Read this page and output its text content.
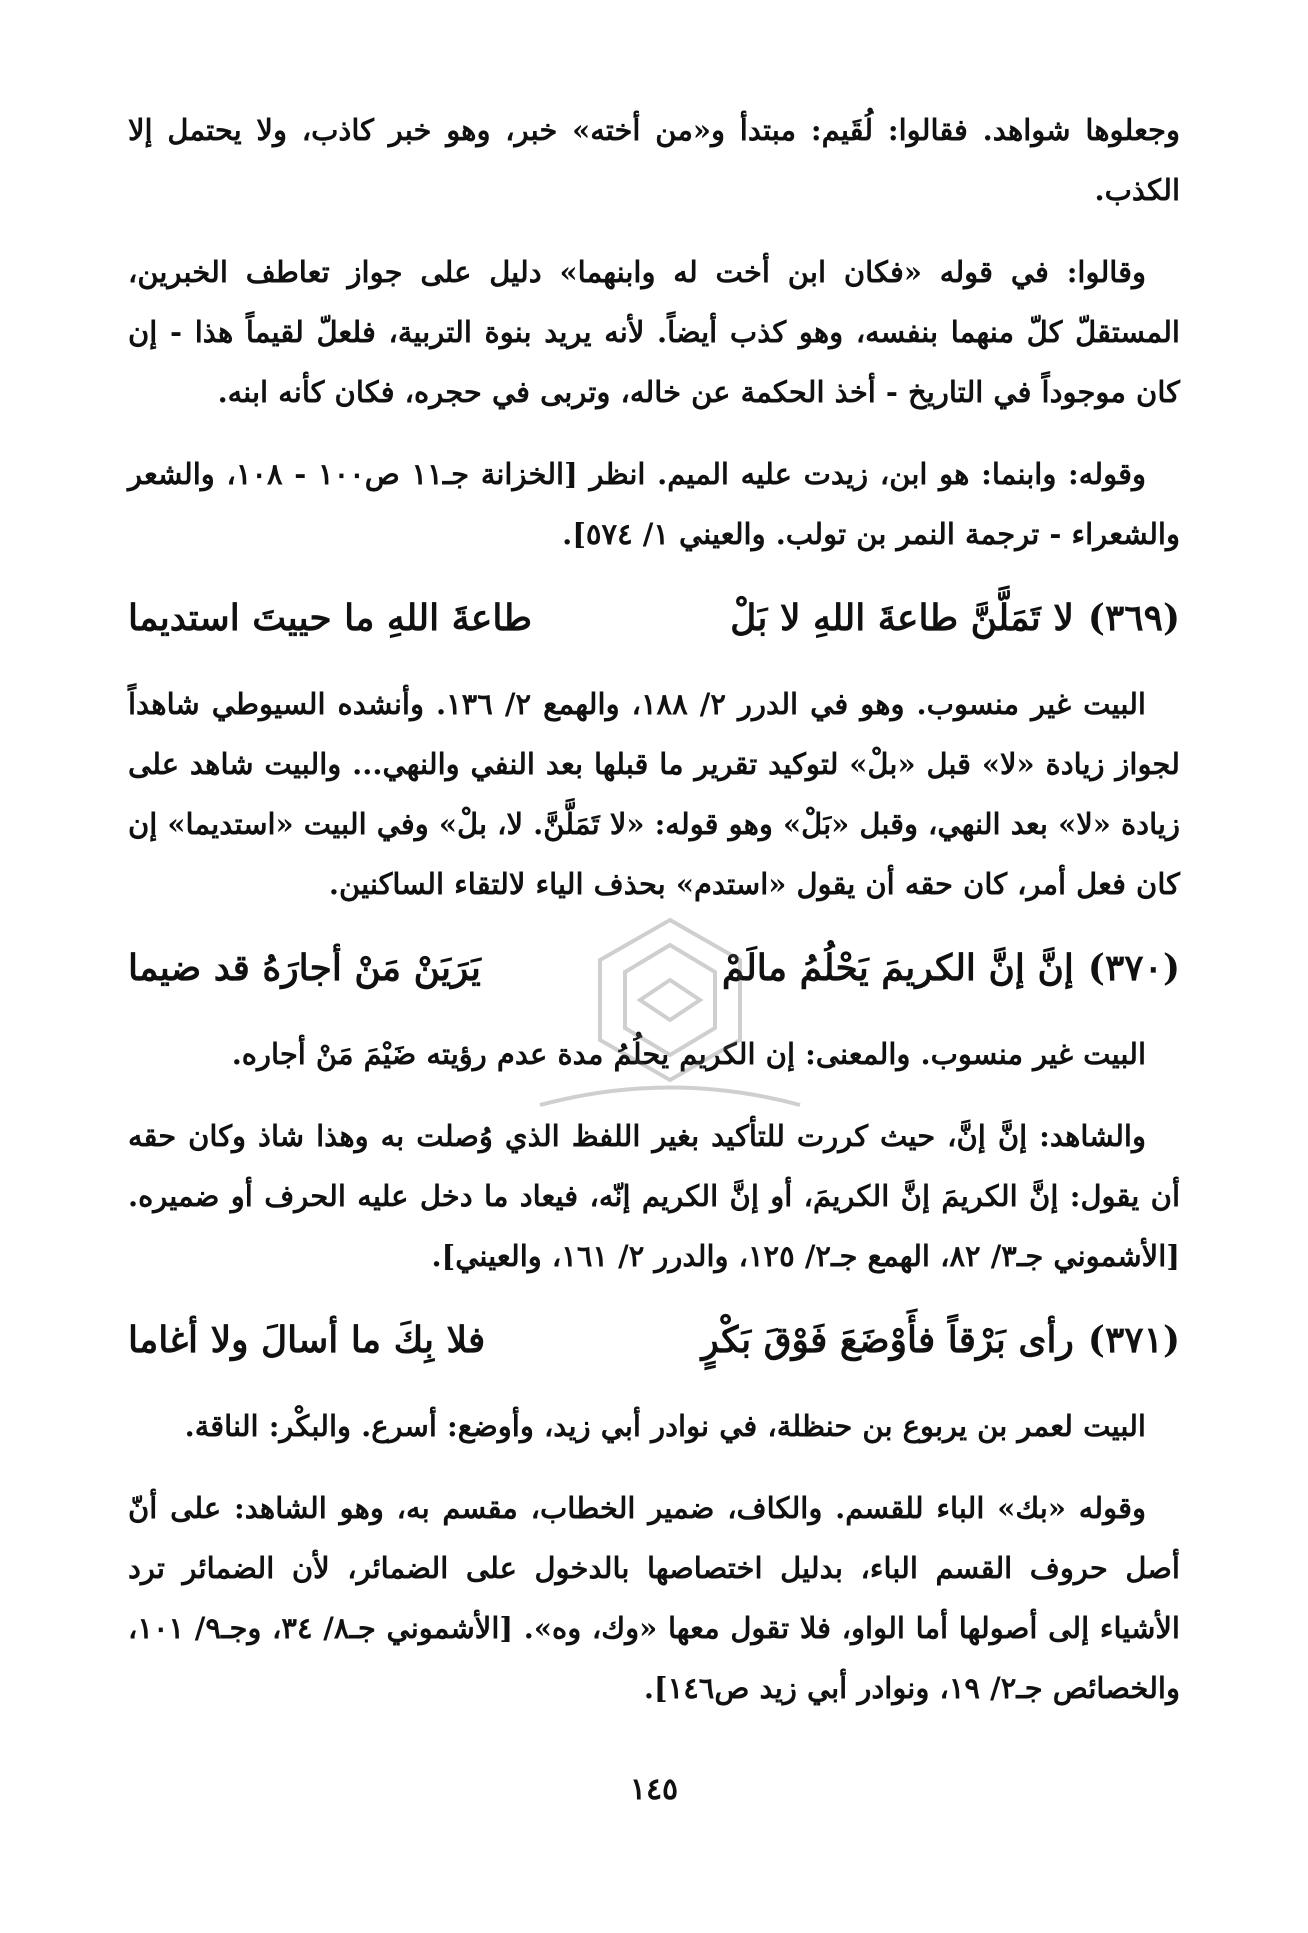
وجعلوها شواهد. فقالوا: لُقَيم: مبتدأ و«من أخته» خبر، وهو خبر كاذب، ولا يحتمل إلا الكذب.

وقالوا: في قوله «فكان ابن أخت له وابنهما» دليل على جواز تعاطف الخبرين، المستقلّ كلّ منهما بنفسه، وهو كذب أيضاً. لأنه يريد بنوة التربية، فلعلّ لقيماً هذا - إن كان موجوداً في التاريخ - أخذ الحكمة عن خاله، وتربى في حجره، فكان كأنه ابنه.

وقوله: وابنما: هو ابن، زيدت عليه الميم. انظر [الخزانة جـ١١ ص١٠٠ - ١٠٨، والشعر والشعراء - ترجمة النمر بن تولب. والعيني ١/ ٥٧٤].

(٣٦٩)
لا تَمَلَّنَّ طاعةَ اللهِ لا بَلْ
طاعةَ اللهِ ما حييتَ استديما

البيت غير منسوب. وهو في الدرر ٢/ ١٨٨، والهمع ٢/ ١٣٦. وأنشده السيوطي شاهداً لجواز زيادة «لا» قبل «بلْ» لتوكيد تقرير ما قبلها بعد النفي والنهي... والبيت شاهد على زيادة «لا» بعد النهي، وقبل «بَلْ» وهو قوله: «لا تَمَلَّنَّ. لا، بلْ» وفي البيت «استديما» إن كان فعل أمر، كان حقه أن يقول «استدم» بحذف الياء لالتقاء الساكنين.

(٣٧٠)
إنَّ إنَّ الكريمَ يَحْلُمُ مالَمْ
يَرَيَنْ مَنْ أجارَهُ قد ضيما

البيت غير منسوب. والمعنى: إن الكريم يحلُمُ مدة عدم رؤيته ضَيْمَ مَنْ أجاره.

والشاهد: إنَّ إنَّ، حيث كررت للتأكيد بغير اللفظ الذي وُصلت به وهذا شاذ وكان حقه أن يقول: إنَّ الكريمَ إنَّ الكريمَ، أو إنَّ الكريم إنّه، فيعاد ما دخل عليه الحرف أو ضميره. [الأشموني جـ٣/ ٨٢، الهمع جـ٢/ ١٢٥، والدرر ٢/ ١٦١، والعيني].

(٣٧١)
رأى بَرْقاً فأَوْضَعَ فَوْقَ بَكْرٍ
فلا بِكَ ما أسالَ ولا أغاما

البيت لعمر بن يربوع بن حنظلة، في نوادر أبي زيد، وأوضع: أسرع. والبكْر: الناقة.

وقوله «بك» الباء للقسم. والكاف، ضمير الخطاب، مقسم به، وهو الشاهد: على أنّ أصل حروف القسم الباء، بدليل اختصاصها بالدخول على الضمائر، لأن الضمائر ترد الأشياء إلى أصولها أما الواو، فلا تقول معها «وك، وه». [الأشموني جـ٨/ ٣٤، وجـ٩/ ١٠١، والخصائص جـ٢/ ١٩، ونوادر أبي زيد ص١٤٦].

١٤٥
